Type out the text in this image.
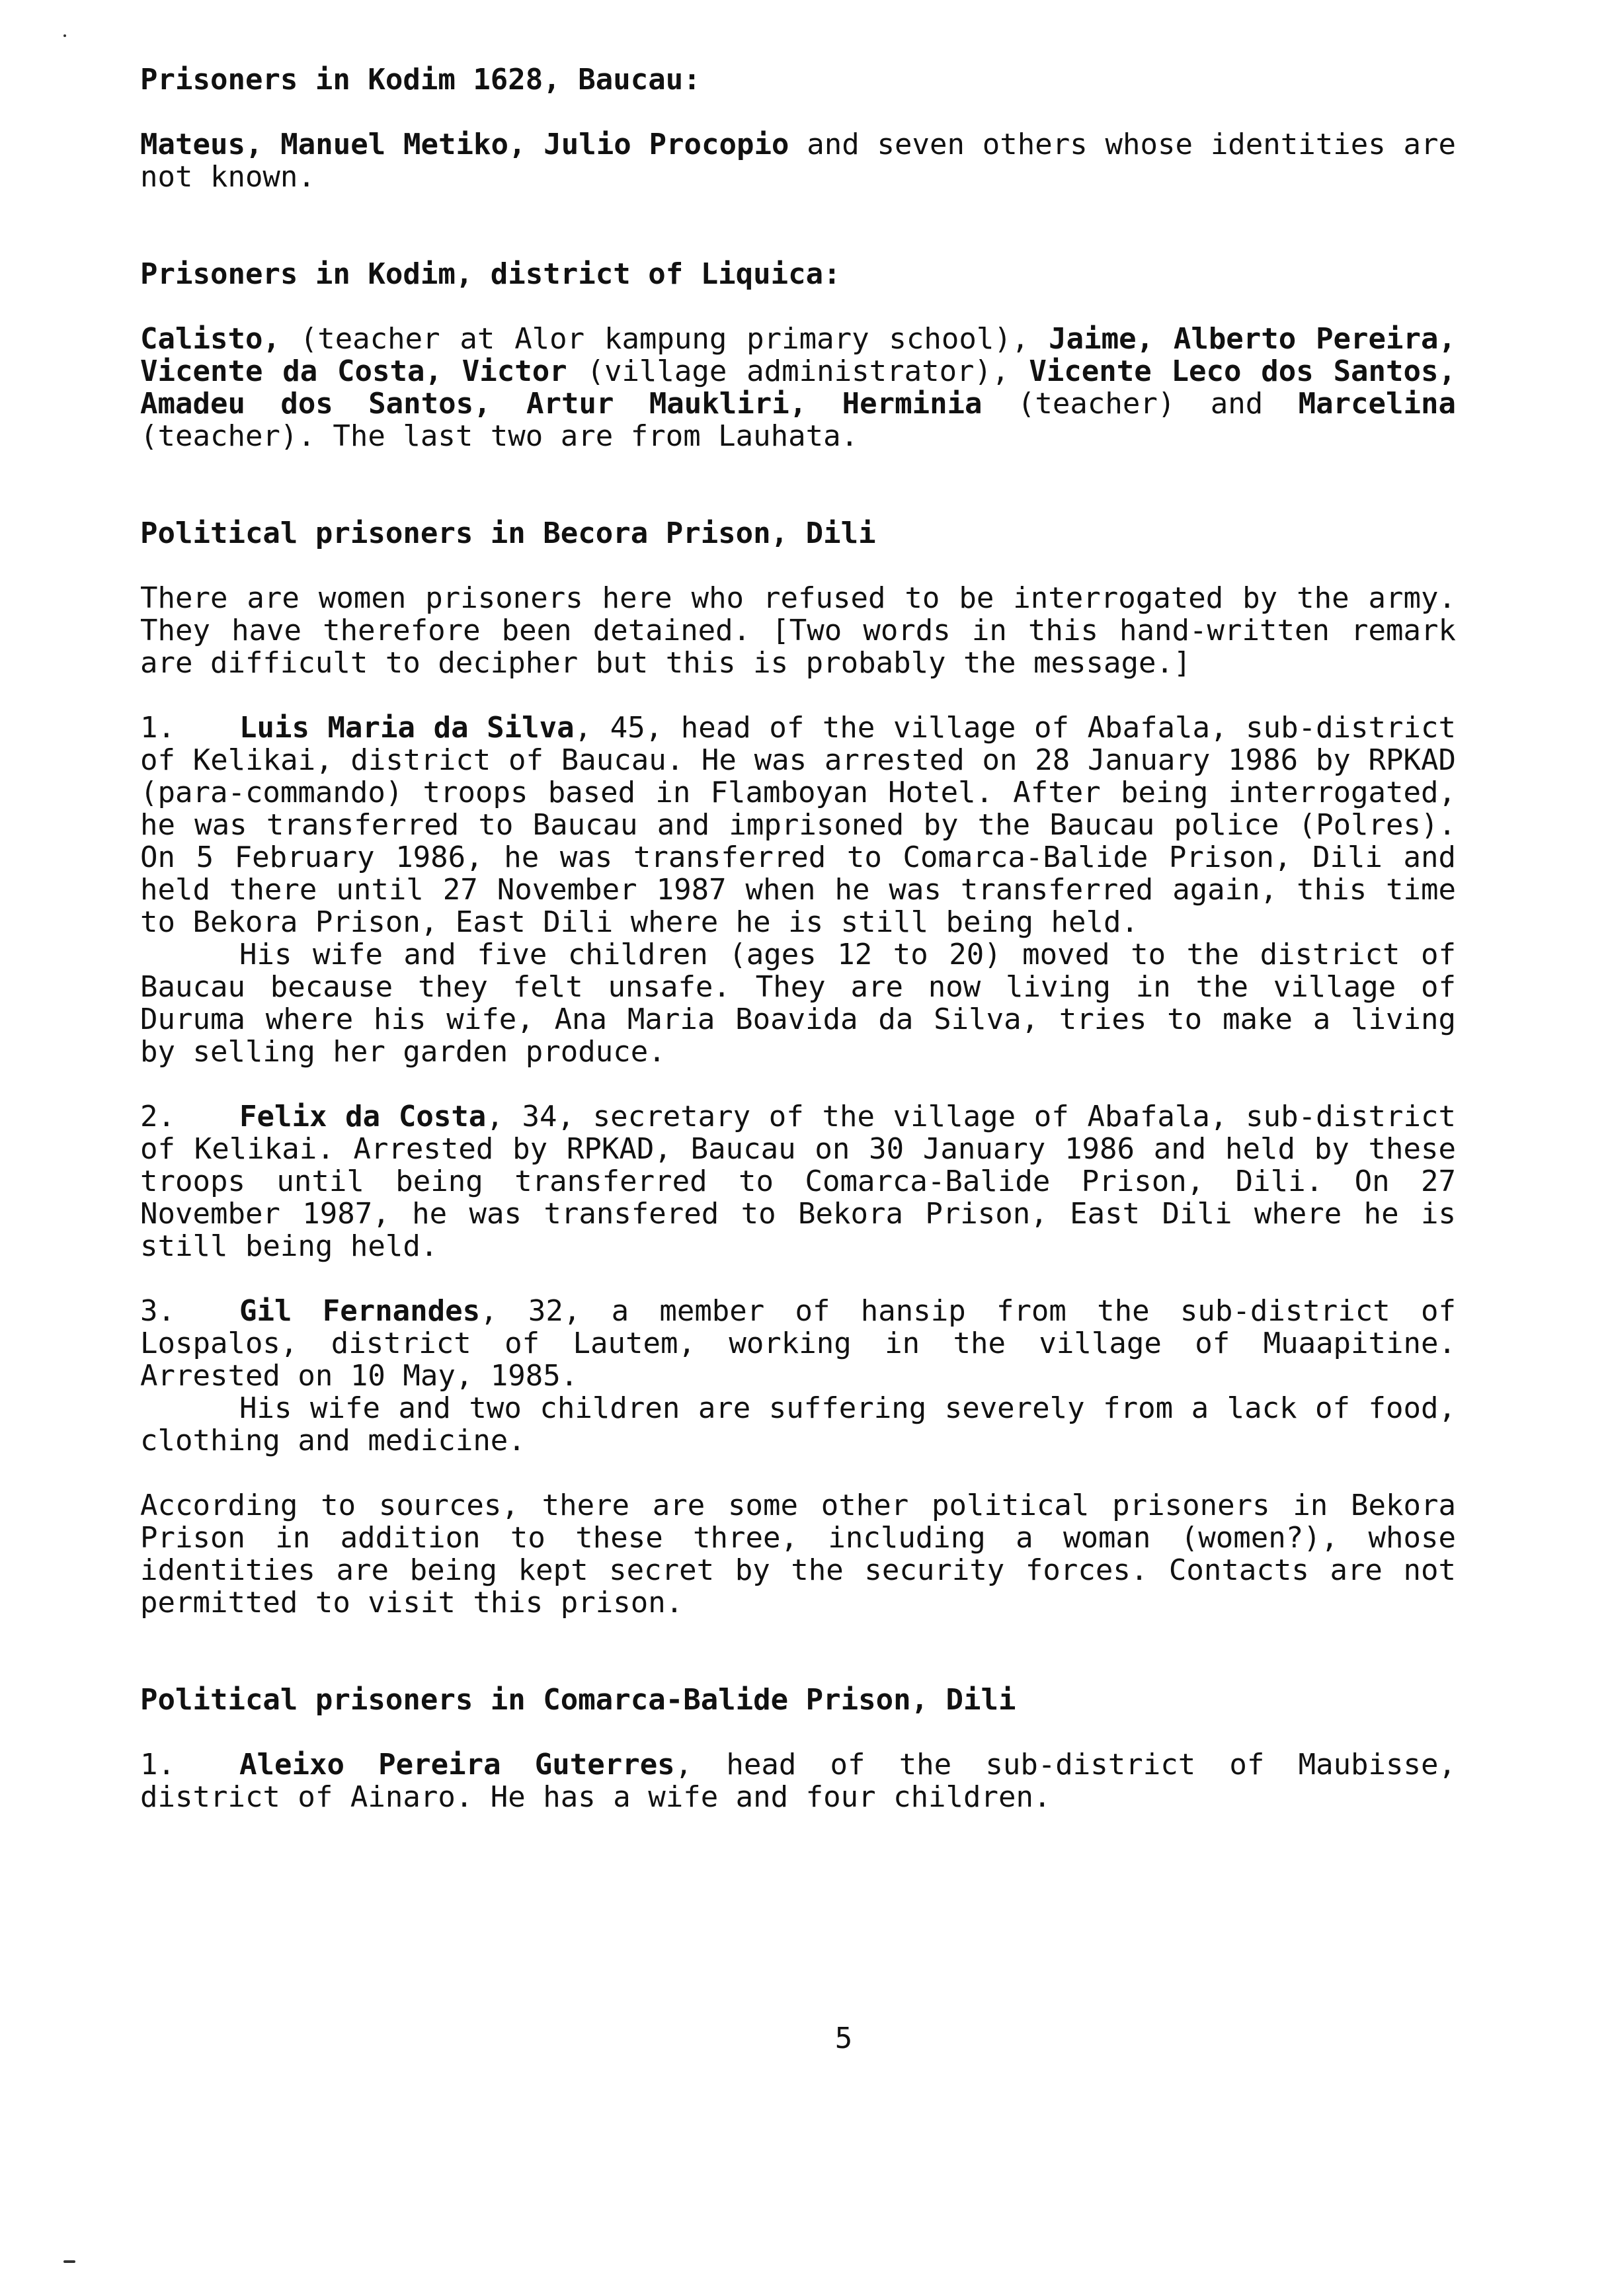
Prisoners in Kodim 1628, Baucau:

Mateus, Manuel Metiko, Julio Procopio and seven others whose identities are not known.

Prisoners in Kodim, district of Liquica:

Calisto, (teacher at Alor kampung primary school), Jaime, Alberto Pereira, Vicente da Costa, Victor (village administrator), Vicente Leco dos Santos, Amadeu dos Santos, Artur Maukliri, Herminia (teacher) and Marcelina (teacher). The last two are from Lauhata.

Political prisoners in Becora Prison, Dili

There are women prisoners here who refused to be interrogated by the army. They have therefore been detained. [Two words in this hand-written remark are difficult to decipher but this is probably the message.]

1. Luis Maria da Silva, 45, head of the village of Abafala, sub-district of Kelikai, district of Baucau. He was arrested on 28 January 1986 by RPKAD (para-commando) troops based in Flamboyan Hotel. After being interrogated, he was transferred to Baucau and imprisoned by the Baucau police (Polres). On 5 February 1986, he was transferred to Comarca-Balide Prison, Dili and held there until 27 November 1987 when he was transferred again, this time to Bekora Prison, East Dili where he is still being held.

His wife and five children (ages 12 to 20) moved to the district of Baucau because they felt unsafe. They are now living in the village of Duruma where his wife, Ana Maria Boavida da Silva, tries to make a living by selling her garden produce.

2. Felix da Costa, 34, secretary of the village of Abafala, sub-district of Kelikai. Arrested by RPKAD, Baucau on 30 January 1986 and held by these troops until being transferred to Comarca-Balide Prison, Dili. On 27 November 1987, he was transfered to Bekora Prison, East Dili where he is still being held.

3. Gil Fernandes, 32, a member of hansip from the sub-district of Lospalos, district of Lautem, working in the village of Muaapitine. Arrested on 10 May, 1985.

His wife and two children are suffering severely from a lack of food, clothing and medicine.

According to sources, there are some other political prisoners in Bekora Prison in addition to these three, including a woman (women?), whose identities are being kept secret by the security forces. Contacts are not permitted to visit this prison.

Political prisoners in Comarca-Balide Prison, Dili

1. Aleixo Pereira Guterres, head of the sub-district of Maubisse, district of Ainaro. He has a wife and four children.

5
